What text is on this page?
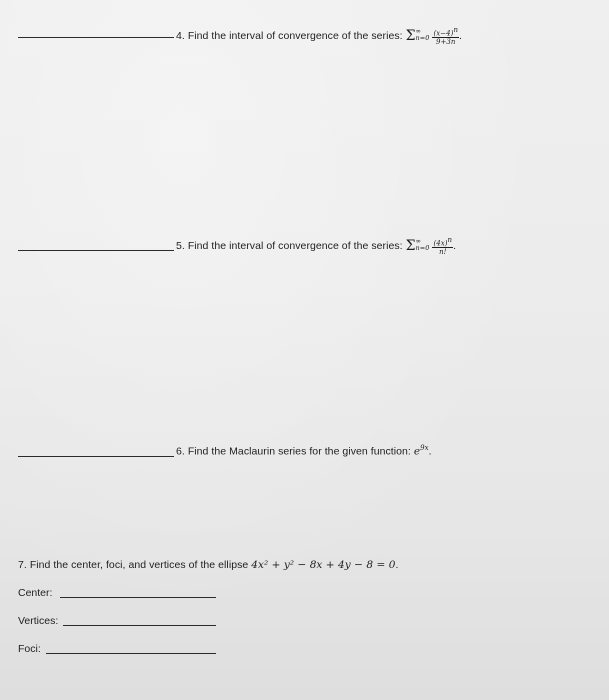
4. Find the interval of convergence of the series: Σ ∞
$n=0 \frac{(x-4)^n}{9+3n}$ .
5. Find the interval of convergence of the series: Σ ∞
$n=0 \frac{(4x)^n}{n!}$ .
6. Find the Maclaurin series for the given function: $e^{9x}$.
7. Find the center, foci, and vertices of the ellipse 4x² + y² − 8x + 4y − 8 = 0.
Center:
Vertices:
Foci:
